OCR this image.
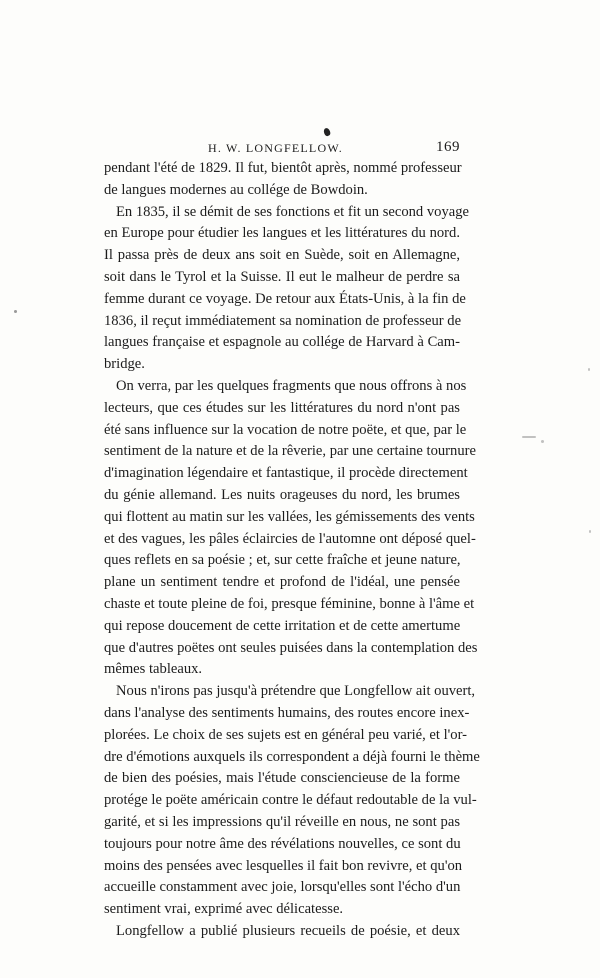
H. W. LONGFELLOW.	169
pendant l'été de 1829. Il fut, bientôt après, nommé professeur
de langues modernes au collége de Bowdoin.
En 1835, il se démit de ses fonctions et fit un second voyage
en Europe pour étudier les langues et les littératures du nord.
Il passa près de deux ans soit en Suède, soit en Allemagne,
soit dans le Tyrol et la Suisse. Il eut le malheur de perdre sa
femme durant ce voyage. De retour aux États-Unis, à la fin de
1836, il reçut immédiatement sa nomination de professeur de
langues française et espagnole au collége de Harvard à Cam-
bridge.
On verra, par les quelques fragments que nous offrons à nos
lecteurs, que ces études sur les littératures du nord n'ont pas
été sans influence sur la vocation de notre poëte, et que, par le
sentiment de la nature et de la rêverie, par une certaine tournure
d'imagination légendaire et fantastique, il procède directement
du génie allemand. Les nuits orageuses du nord, les brumes
qui flottent au matin sur les vallées, les gémissements des vents
et des vagues, les pâles éclaircies de l'automne ont déposé quel-
ques reflets en sa poésie ; et, sur cette fraîche et jeune nature,
plane un sentiment tendre et profond de l'idéal, une pensée
chaste et toute pleine de foi, presque féminine, bonne à l'âme et
qui repose doucement de cette irritation et de cette amertume
que d'autres poëtes ont seules puisées dans la contemplation des
mêmes tableaux.
Nous n'irons pas jusqu'à prétendre que Longfellow ait ouvert,
dans l'analyse des sentiments humains, des routes encore inex-
plorées. Le choix de ses sujets est en général peu varié, et l'or-
dre d'émotions auxquels ils correspondent a déjà fourni le thème
de bien des poésies, mais l'étude consciencieuse de la forme
protége le poëte américain contre le défaut redoutable de la vul-
garité, et si les impressions qu'il réveille en nous, ne sont pas
toujours pour notre âme des révélations nouvelles, ce sont du
moins des pensées avec lesquelles il fait bon revivre, et qu'on
accueille constamment avec joie, lorsqu'elles sont l'écho d'un
sentiment vrai, exprimé avec délicatesse.
Longfellow a publié plusieurs recueils de poésie, et deux
